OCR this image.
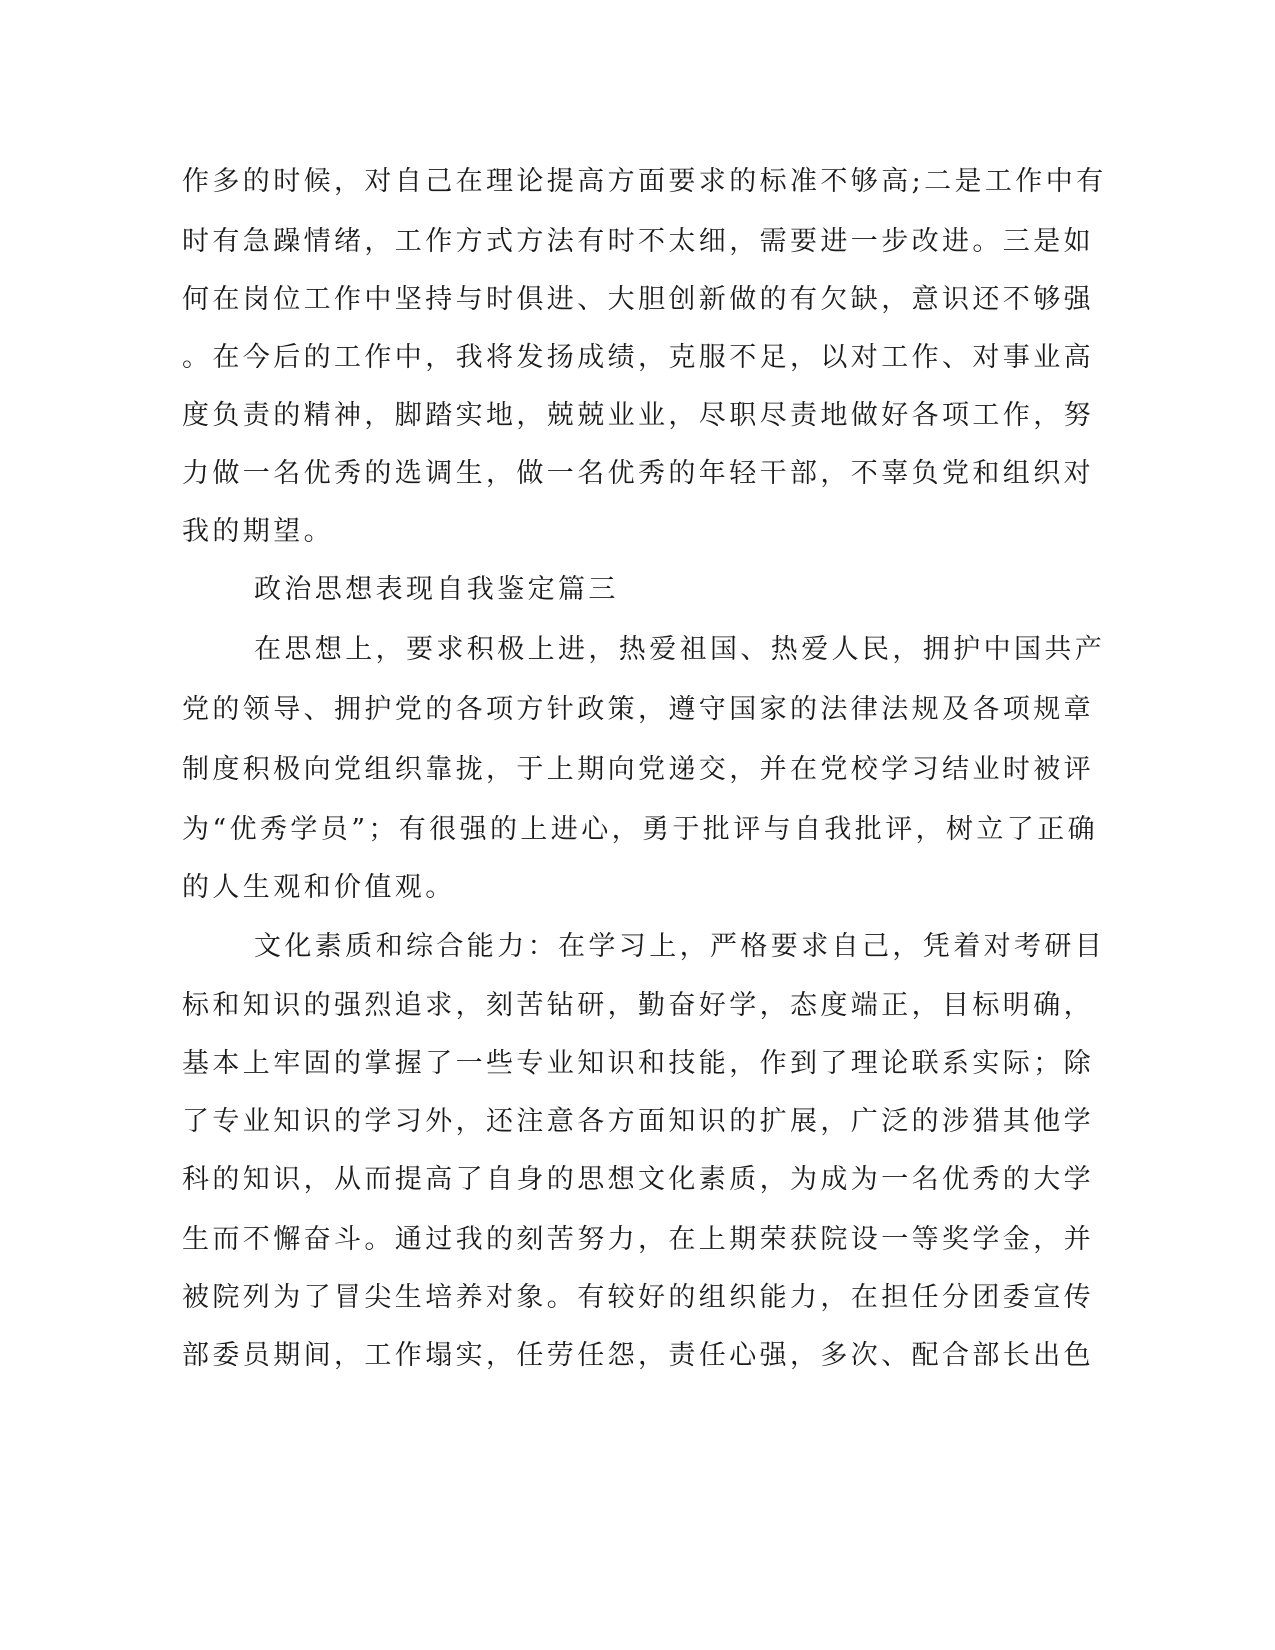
作多的时候，对自己在理论提高方面要求的标准不够高;二是工作中有
时有急躁情绪，工作方式方法有时不太细，需要进一步改进。三是如
何在岗位工作中坚持与时俱进、大胆创新做的有欠缺，意识还不够强
。在今后的工作中，我将发扬成绩，克服不足，以对工作、对事业高
度负责的精神，脚踏实地，兢兢业业，尽职尽责地做好各项工作，努
力做一名优秀的选调生，做一名优秀的年轻干部，不辜负党和组织对
我的期望。
政治思想表现自我鉴定篇三
在思想上，要求积极上进，热爱祖国、热爱人民，拥护中国共产
党的领导、拥护党的各项方针政策，遵守国家的法律法规及各项规章
制度积极向党组织靠拢，于上期向党递交，并在党校学习结业时被评
为“优秀学员”；有很强的上进心，勇于批评与自我批评，树立了正确
的人生观和价值观。
文化素质和综合能力：在学习上，严格要求自己，凭着对考研目
标和知识的强烈追求，刻苦钻研，勤奋好学，态度端正，目标明确，
基本上牢固的掌握了一些专业知识和技能，作到了理论联系实际；除
了专业知识的学习外，还注意各方面知识的扩展，广泛的涉猎其他学
科的知识，从而提高了自身的思想文化素质，为成为一名优秀的大学
生而不懈奋斗。通过我的刻苦努力，在上期荣获院设一等奖学金，并
被院列为了冒尖生培养对象。有较好的组织能力，在担任分团委宣传
部委员期间，工作塌实，任劳任怨，责任心强，多次、配合部长出色
